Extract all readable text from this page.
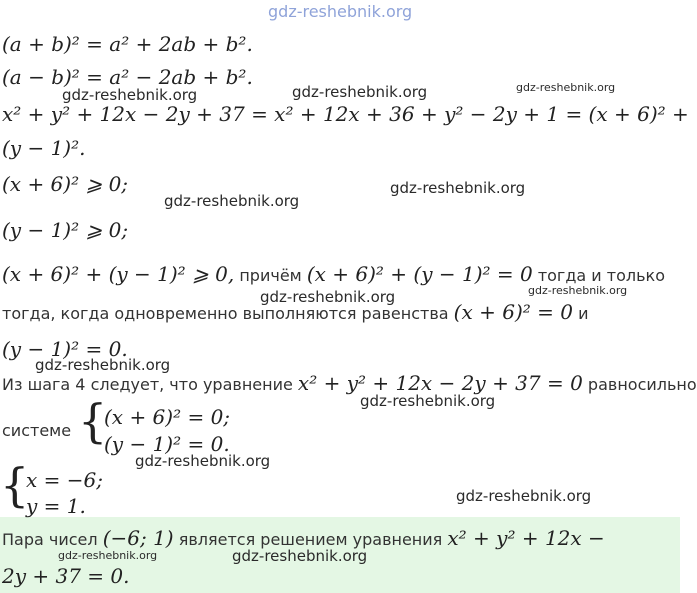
gdz-reshebnik.org
(a + b)² = a² + 2ab + b².
(a − b)² = a² − 2ab + b².
gdz-reshebnik.org	gdz-reshebnik.org	gdz-reshebnik.org
x² + y² + 12x − 2y + 37 = x² + 12x + 36 + y² − 2y + 1 = (x + 6)² +
(y − 1)².
(x + 6)² ⩾ 0;	gdz-reshebnik.org
gdz-reshebnik.org
(y − 1)² ⩾ 0;
(x + 6)² + (y − 1)² ⩾ 0, причём (x + 6)² + (y − 1)² = 0 тогда и только
gdz-reshebnik.org	gdz-reshebnik.org
тогда, когда одновременно выполняются равенства (x + 6)² = 0 и
(y − 1)² = 0.
gdz-reshebnik.org
Из шага 4 следует, что уравнение x² + y² + 12x − 2y + 37 = 0 равносильно
gdz-reshebnik.org
системе {
(x + 6)² = 0;
(y − 1)² = 0.
gdz-reshebnik.org
{
x = −6;
y = 1.	gdz-reshebnik.org
Пара чисел (−6; 1) является решением уравнения x² + y² + 12x −
gdz-reshebnik.org	gdz-reshebnik.org
2y + 37 = 0.
